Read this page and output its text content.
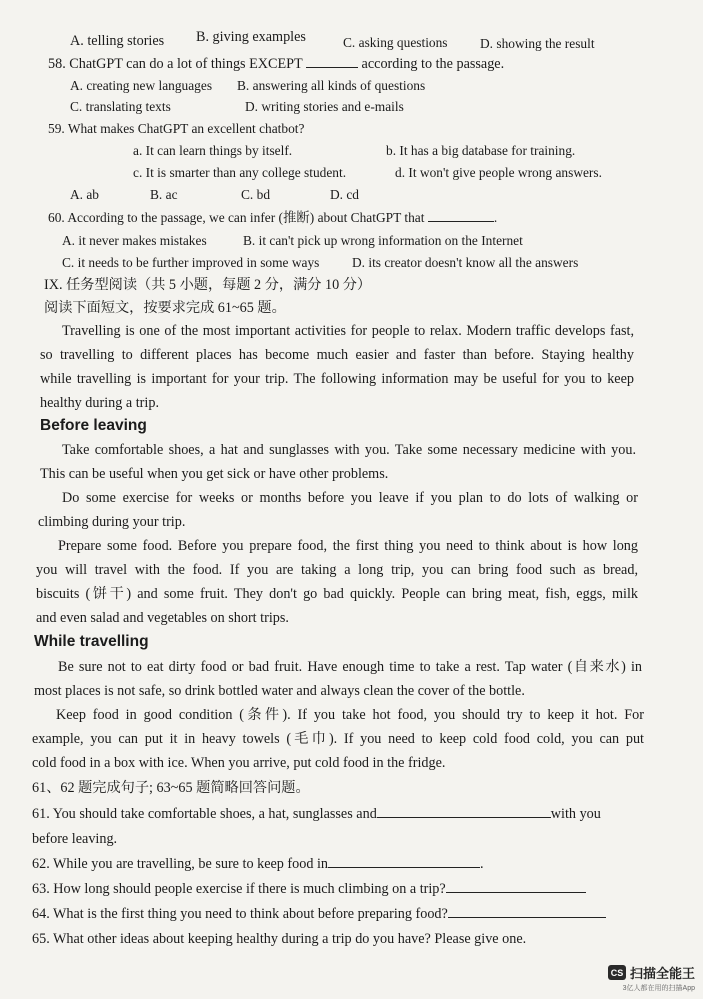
A. telling stories B. giving examples	C. asking questions D. showing the result
58. ChatGPT can do a lot of things EXCEPT	according to the passage.
A. creating new languages B. answering all kinds of questions
C. translating texts	D. writing stories and e-mails
59. What makes ChatGPT an excellent chatbot?
a. It can learn things by itself.	b. It has a big database for training.
c. It is smarter than any college student.	d. It won't give people wrong answers.
A. ab	B. ac	C. bd	D. cd
60. According to the passage, we can infer (推断) about ChatGPT that	.
A. it never makes mistakes	B. it can't pick up wrong information on the Internet
C. it needs to be further improved in some ways D. its creator doesn't know all the answers
IX. 任务型阅读（共 5 小题，每题 2 分，满分 10 分）
阅读下面短文，按要求完成 61~65 题。
Travelling is one of the most important activities for people to relax. Modern traffic develops fast,
so travelling to different places has become much easier and faster than before. Staying healthy
while travelling is important for your trip. The following information may be useful for you to keep
healthy during a trip.
Before leaving
Take comfortable shoes, a hat and sunglasses with you. Take some necessary medicine with you.
This can be useful when you get sick or have other problems.
Do some exercise for weeks or months before you leave if you plan to do lots of walking or
climbing during your trip.
Prepare some food. Before you prepare food, the first thing you need to think about is how long
you will travel with the food. If you are taking a long trip, you can bring food such as bread,
biscuits (饼干) and some fruit. They don't go bad quickly. People can bring meat, fish, eggs, milk
and even salad and vegetables on short trips.
While travelling
Be sure not to eat dirty food or bad fruit. Have enough time to take a rest. Tap water (自来水) in
most places is not safe, so drink bottled water and always clean the cover of the bottle.
Keep food in good condition (条件). If you take hot food, you should try to keep it hot. For
example, you can put it in heavy towels (毛巾). If you need to keep cold food cold, you can put
cold food in a box with ice. When you arrive, put cold food in the fridge.
61、62 题完成句子; 63~65 题简略回答问题。
61. You should take comfortable shoes, a hat, sunglasses and	with you
before leaving.
62. While you are travelling, be sure to keep food in	.
63. How long should people exercise if there is much climbing on a trip?
64. What is the first thing you need to think about before preparing food?
65. What other ideas about keeping healthy during a trip do you have? Please give one.
CS 扫描全能王
3亿人都在用的扫描App
